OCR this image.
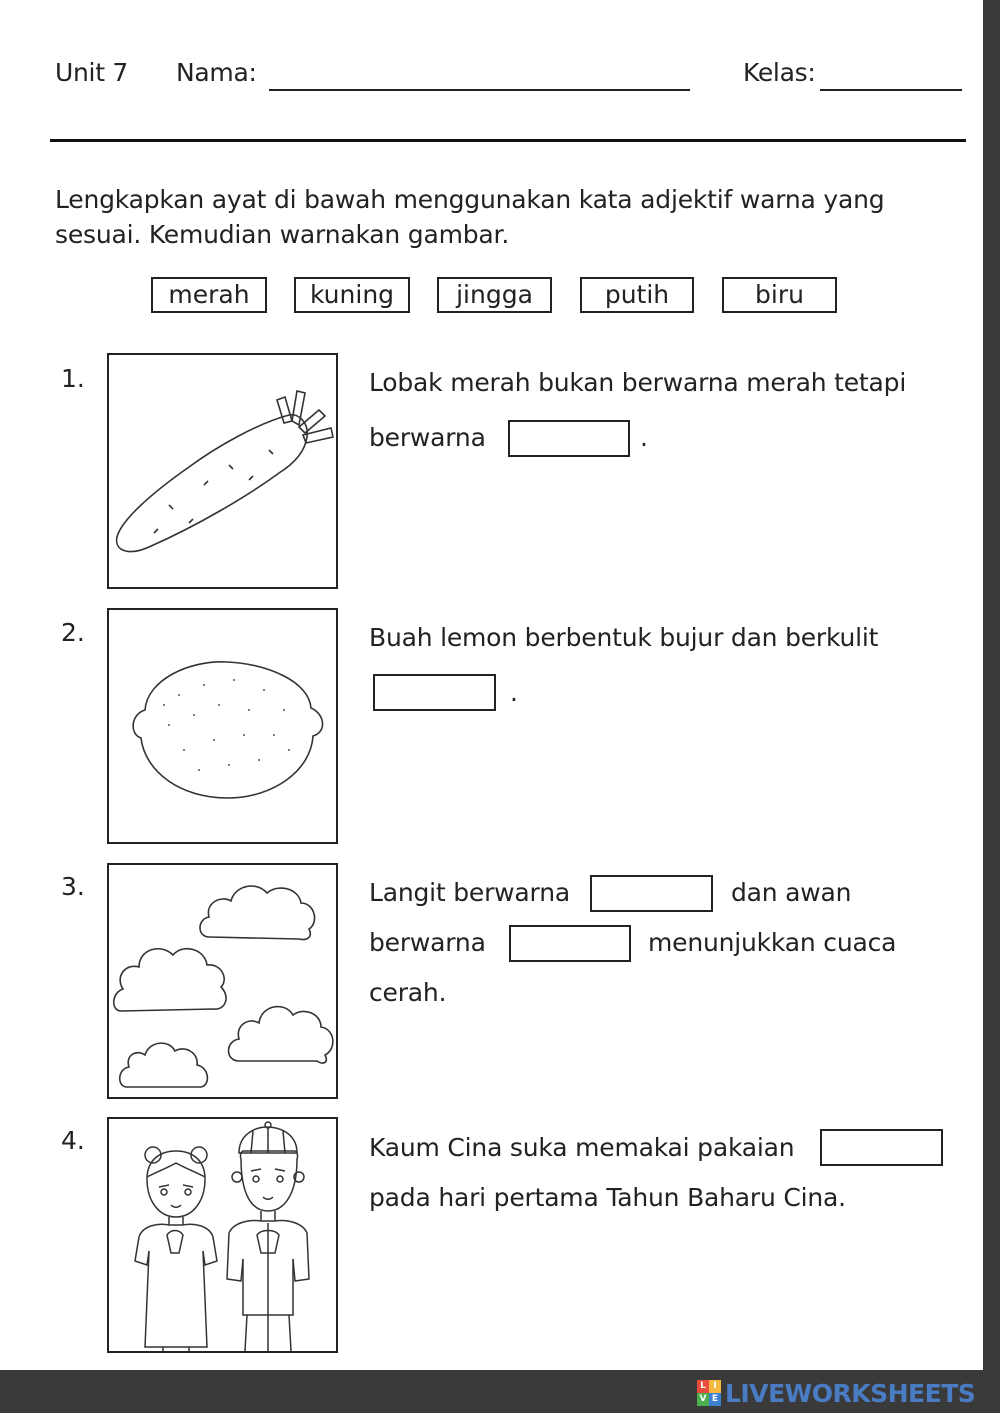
Unit 7 Nama:	Kelas:
Lengkapkan ayat di bawah menggunakan kata adjektif warna yang sesuai. Kemudian warnakan gambar.
merah	kuning	jingga	putih	biru
1.	Lobak merah bukan berwarna merah tetapi
berwarna	.
2.	Buah lemon berbentuk bujur dan berkulit
.
3.	Langit berwarna	dan awan
berwarna	menunjukkan cuaca
cerah.
4.	Kaum Cina suka memakai pakaian
pada hari pertama Tahun Baharu Cina.
L I
V E LIVEWORKSHEETS
